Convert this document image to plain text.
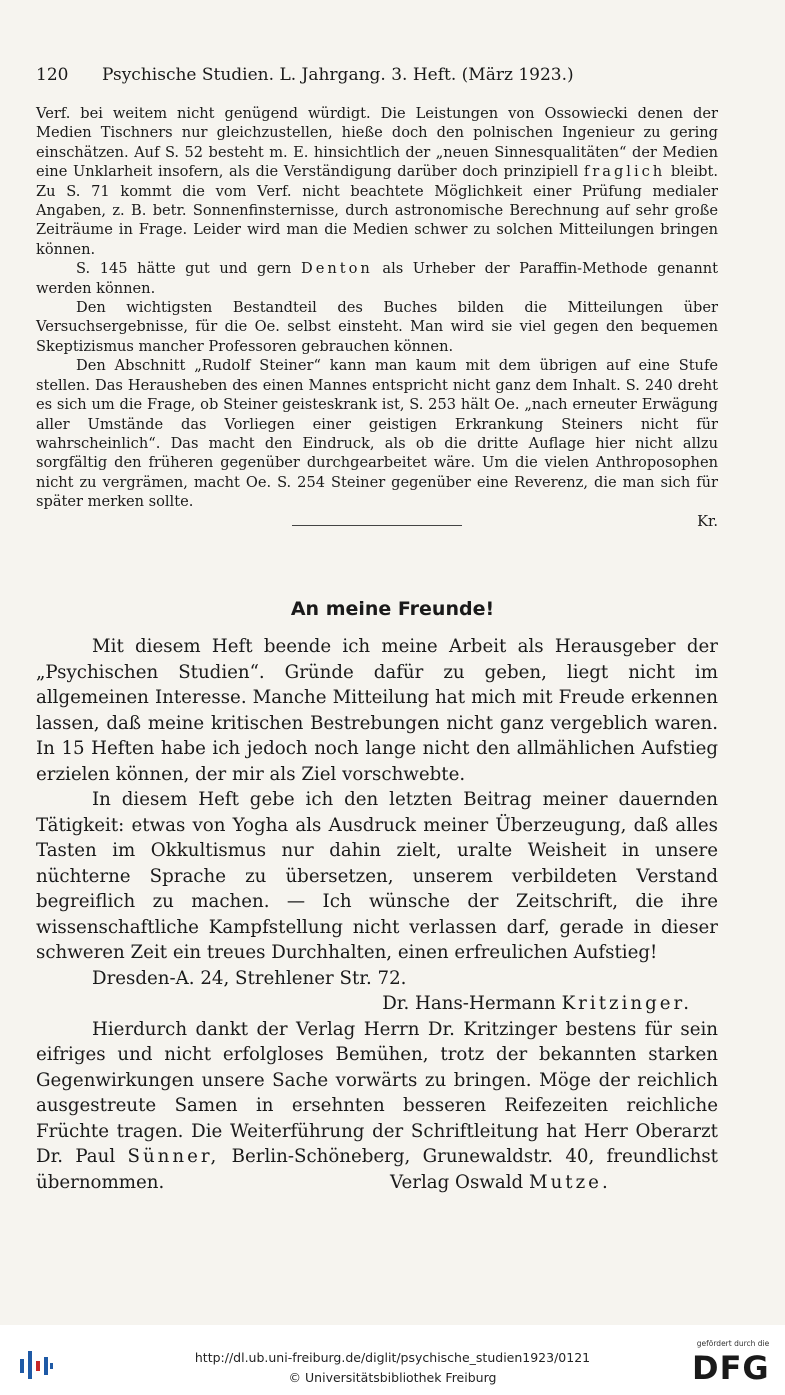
120 Psychische Studien. L. Jahrgang. 3. Heft. (März 1923.)

Verf. bei weitem nicht genügend würdigt. Die Leistungen von Ossowiecki denen der Medien Tischners nur gleichzustellen, hieße doch den polnischen Ingenieur zu gering einschätzen. Auf S. 52 besteht m. E. hinsichtlich der „neuen Sinnesqualitäten“ der Medien eine Unklarheit insofern, als die Verständigung darüber doch prinzipiell fraglich bleibt. Zu S. 71 kommt die vom Verf. nicht beachtete Möglichkeit einer Prüfung medialer Angaben, z. B. betr. Sonnenfinsternisse, durch astronomische Berechnung auf sehr große Zeiträume in Frage. Leider wird man die Medien schwer zu solchen Mitteilungen bringen können.

S. 145 hätte gut und gern Denton als Urheber der Paraffin-Methode genannt werden können.

Den wichtigsten Bestandteil des Buches bilden die Mitteilungen über Versuchsergebnisse, für die Oe. selbst einsteht. Man wird sie viel gegen den bequemen Skeptizismus mancher Professoren gebrauchen können.

Den Abschnitt „Rudolf Steiner“ kann man kaum mit dem übrigen auf eine Stufe stellen. Das Herausheben des einen Mannes entspricht nicht ganz dem Inhalt. S. 240 dreht es sich um die Frage, ob Steiner geisteskrank ist, S. 253 hält Oe. „nach erneuter Erwägung aller Umstände das Vorliegen einer geistigen Erkrankung Steiners nicht für wahrscheinlich“. Das macht den Eindruck, als ob die dritte Auflage hier nicht allzu sorgfältig den früheren gegenüber durchgearbeitet wäre. Um die vielen Anthroposophen nicht zu vergrämen, macht Oe. S. 254 Steiner gegenüber eine Reverenz, die man sich für später merken sollte.

Kr.
An meine Freunde!

Mit diesem Heft beende ich meine Arbeit als Herausgeber der „Psychischen Studien“. Gründe dafür zu geben, liegt nicht im allgemeinen Interesse. Manche Mitteilung hat mich mit Freude erkennen lassen, daß meine kritischen Bestrebungen nicht ganz vergeblich waren. In 15 Heften habe ich jedoch noch lange nicht den allmählichen Aufstieg erzielen können, der mir als Ziel vorschwebte.

In diesem Heft gebe ich den letzten Beitrag meiner dauernden Tätigkeit: etwas von Yogha als Ausdruck meiner Überzeugung, daß alles Tasten im Okkultismus nur dahin zielt, uralte Weisheit in unsere nüchterne Sprache zu übersetzen, unserem verbildeten Verstand begreiflich zu machen. — Ich wünsche der Zeitschrift, die ihre wissenschaftliche Kampfstellung nicht verlassen darf, gerade in dieser schweren Zeit ein treues Durchhalten, einen erfreulichen Aufstieg!

Dresden-A. 24, Strehlener Str. 72.
Dr. Hans-Hermann Kritzinger.

Hierdurch dankt der Verlag Herrn Dr. Kritzinger bestens für sein eifriges und nicht erfolgloses Bemühen, trotz der bekannten starken Gegenwirkungen unsere Sache vorwärts zu bringen. Möge der reichlich ausgestreute Samen in ersehnten besseren Reifezeiten reichliche Früchte tragen. Die Weiterführung der Schriftleitung hat Herr Oberarzt Dr. Paul Sünner, Berlin-Schöneberg, Grunewaldstr. 40, freundlichst übernommen.	Verlag Oswald Mutze.

http://dl.ub.uni-freiburg.de/diglit/psychische_studien1923/0121
© Universitätsbibliothek Freiburg
gefördert durch die
DFG
